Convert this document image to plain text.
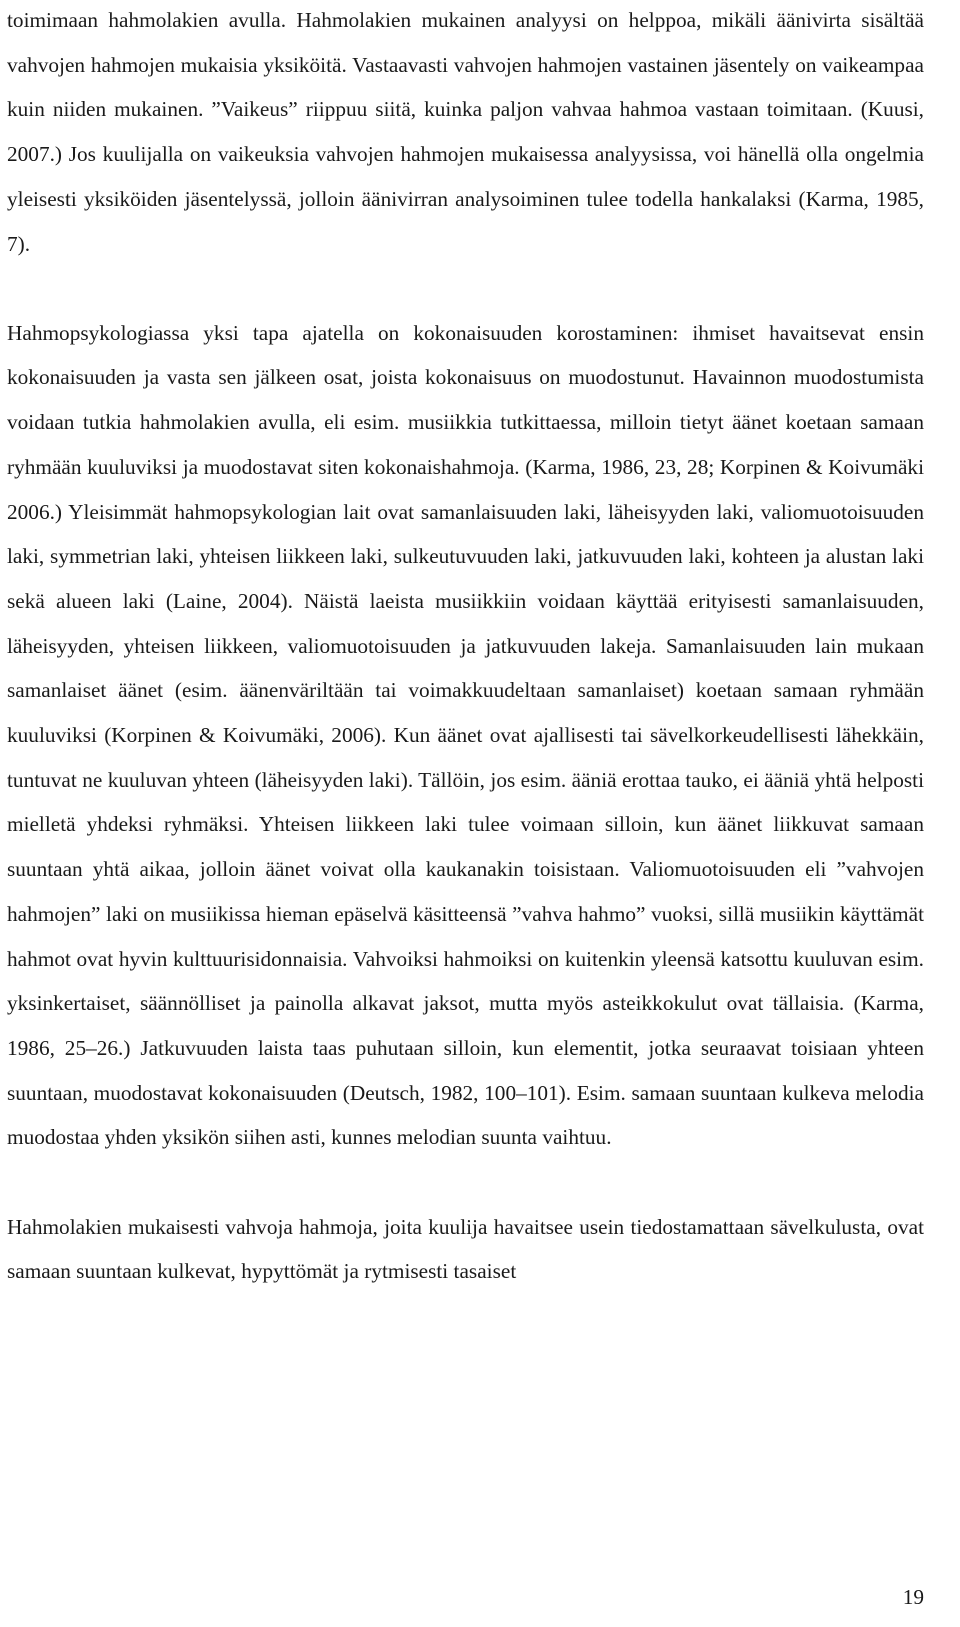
toimimaan hahmolakien avulla. Hahmolakien mukainen analyysi on helppoa, mikäli äänivirta sisältää vahvojen hahmojen mukaisia yksiköitä. Vastaavasti vahvojen hahmojen vastainen jäsentely on vaikeampaa kuin niiden mukainen. ”Vaikeus” riippuu siitä, kuinka paljon vahvaa hahmoa vastaan toimitaan. (Kuusi, 2007.) Jos kuulijalla on vaikeuksia vahvojen hahmojen mukaisessa analyysissa, voi hänellä olla ongelmia yleisesti yksiköiden jäsentelyssä, jolloin äänivirran analysoiminen tulee todella hankalaksi (Karma, 1985, 7).

Hahmopsykologiassa yksi tapa ajatella on kokonaisuuden korostaminen: ihmiset havaitsevat ensin kokonaisuuden ja vasta sen jälkeen osat, joista kokonaisuus on muodostunut. Havainnon muodostumista voidaan tutkia hahmolakien avulla, eli esim. musiikkia tutkittaessa, milloin tietyt äänet koetaan samaan ryhmään kuuluviksi ja muodostavat siten kokonaishahmoja. (Karma, 1986, 23, 28; Korpinen & Koivumäki 2006.) Yleisimmät hahmopsykologian lait ovat samanlaisuuden laki, läheisyyden laki, valiomuotoisuuden laki, symmetrian laki, yhteisen liikkeen laki, sulkeutuvuuden laki, jatkuvuuden laki, kohteen ja alustan laki sekä alueen laki (Laine, 2004). Näistä laeista musiikkiin voidaan käyttää erityisesti samanlaisuuden, läheisyyden, yhteisen liikkeen, valiomuotoisuuden ja jatkuvuuden lakeja. Samanlaisuuden lain mukaan samanlaiset äänet (esim. äänenväriltään tai voimakkuudeltaan samanlaiset) koetaan samaan ryhmään kuuluviksi (Korpinen & Koivumäki, 2006). Kun äänet ovat ajallisesti tai sävelkorkeudellisesti lähekkäin, tuntuvat ne kuuluvan yhteen (läheisyyden laki). Tällöin, jos esim. ääniä erottaa tauko, ei ääniä yhtä helposti mielletä yhdeksi ryhmäksi. Yhteisen liikkeen laki tulee voimaan silloin, kun äänet liikkuvat samaan suuntaan yhtä aikaa, jolloin äänet voivat olla kaukanakin toisistaan. Valiomuotoisuuden eli ”vahvojen hahmojen” laki on musiikissa hieman epäselvä käsitteensä ”vahva hahmo” vuoksi, sillä musiikin käyttämät hahmot ovat hyvin kulttuurisidonnaisia. Vahvoiksi hahmoiksi on kuitenkin yleensä katsottu kuuluvan esim. yksinkertaiset, säännölliset ja painolla alkavat jaksot, mutta myös asteikkokulut ovat tällaisia. (Karma, 1986, 25–26.) Jatkuvuuden laista taas puhutaan silloin, kun elementit, jotka seuraavat toisiaan yhteen suuntaan, muodostavat kokonaisuuden (Deutsch, 1982, 100–101). Esim. samaan suuntaan kulkeva melodia muodostaa yhden yksikön siihen asti, kunnes melodian suunta vaihtuu.

Hahmolakien mukaisesti vahvoja hahmoja, joita kuulija havaitsee usein tiedostamattaan sävelkulusta, ovat samaan suuntaan kulkevat, hypyttömät ja rytmisesti tasaiset

19
